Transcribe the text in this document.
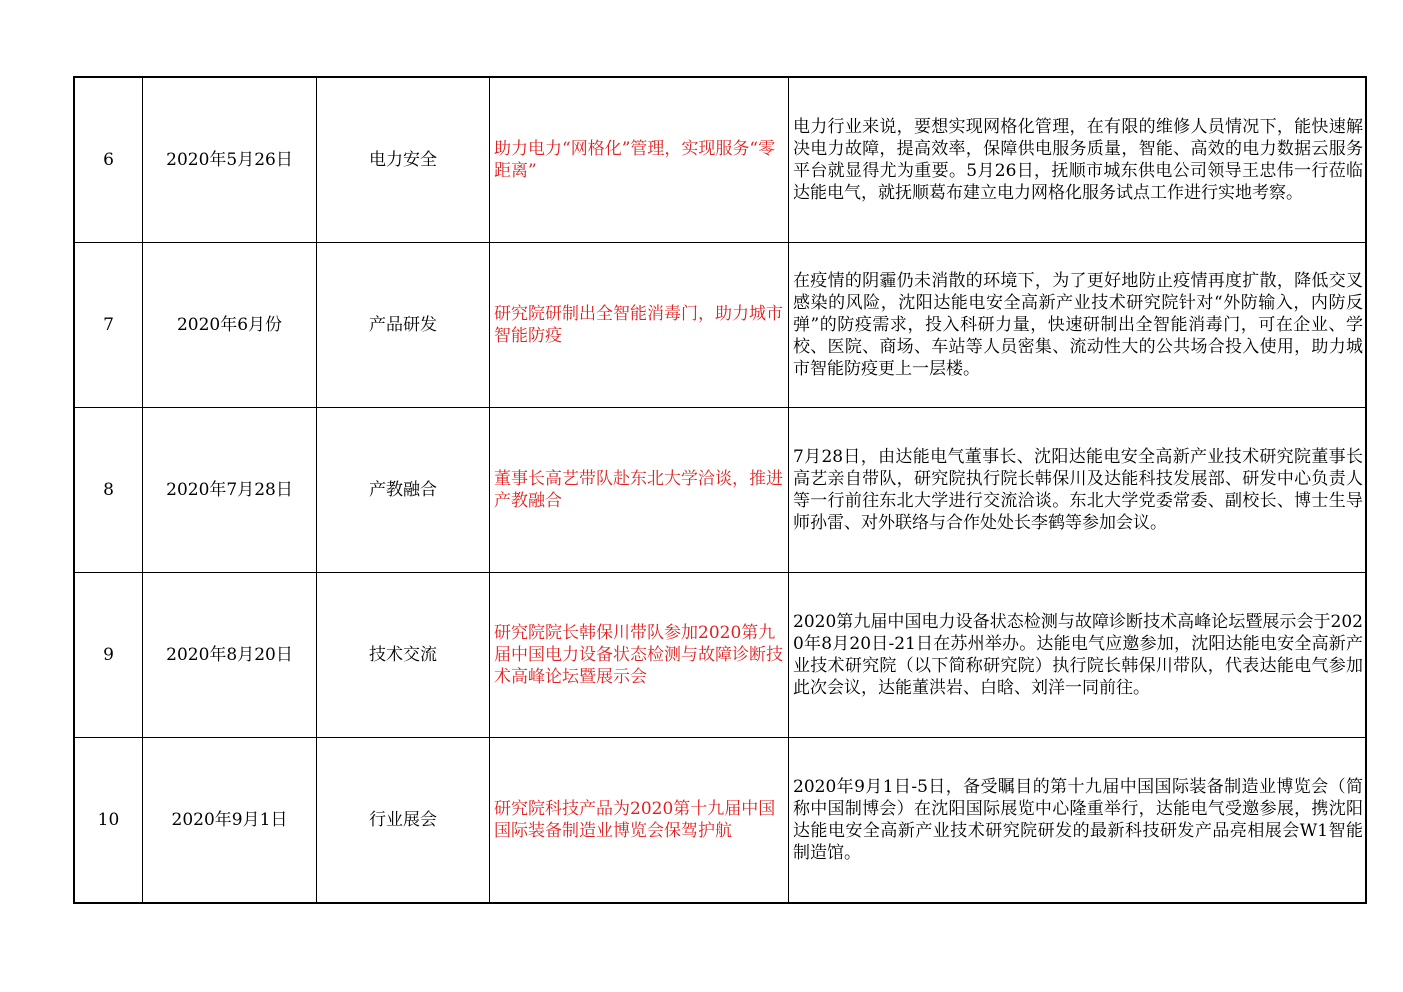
6	2020年5月26日	电力安全	助力电力“网格化”管理，实现服务“零距离”	电力行业来说，要想实现网格化管理，在有限的维修人员情况下，能快速解决电力故障，提高效率，保障供电服务质量，智能、高效的电力数据云服务平台就显得尤为重要。5月26日，抚顺市城东供电公司领导王忠伟一行莅临达能电气，就抚顺葛布建立电力网格化服务试点工作进行实地考察。
7	2020年6月份	产品研发	研究院研制出全智能消毒门，助力城市智能防疫	在疫情的阴霾仍未消散的环境下，为了更好地防止疫情再度扩散，降低交叉感染的风险，沈阳达能电安全高新产业技术研究院针对“外防输入，内防反弹”的防疫需求，投入科研力量，快速研制出全智能消毒门，可在企业、学校、医院、商场、车站等人员密集、流动性大的公共场合投入使用，助力城市智能防疫更上一层楼。
8	2020年7月28日	产教融合	董事长高艺带队赴东北大学洽谈，推进产教融合	7月28日，由达能电气董事长、沈阳达能电安全高新产业技术研究院董事长高艺亲自带队，研究院执行院长韩保川及达能科技发展部、研发中心负责人等一行前往东北大学进行交流洽谈。东北大学党委常委、副校长、博士生导师孙雷、对外联络与合作处处长李鹤等参加会议。
9	2020年8月20日	技术交流	研究院院长韩保川带队参加2020第九届中国电力设备状态检测与故障诊断技术高峰论坛暨展示会	2020第九届中国电力设备状态检测与故障诊断技术高峰论坛暨展示会于2020年8月20日-21日在苏州举办。达能电气应邀参加，沈阳达能电安全高新产业技术研究院（以下简称研究院）执行院长韩保川带队，代表达能电气参加此次会议，达能董洪岩、白晗、刘洋一同前往。
10	2020年9月1日	行业展会	研究院科技产品为2020第十九届中国国际装备制造业博览会保驾护航	2020年9月1日-5日，备受瞩目的第十九届中国国际装备制造业博览会（简称中国制博会）在沈阳国际展览中心隆重举行，达能电气受邀参展，携沈阳达能电安全高新产业技术研究院研发的最新科技研发产品亮相展会W1智能制造馆。
